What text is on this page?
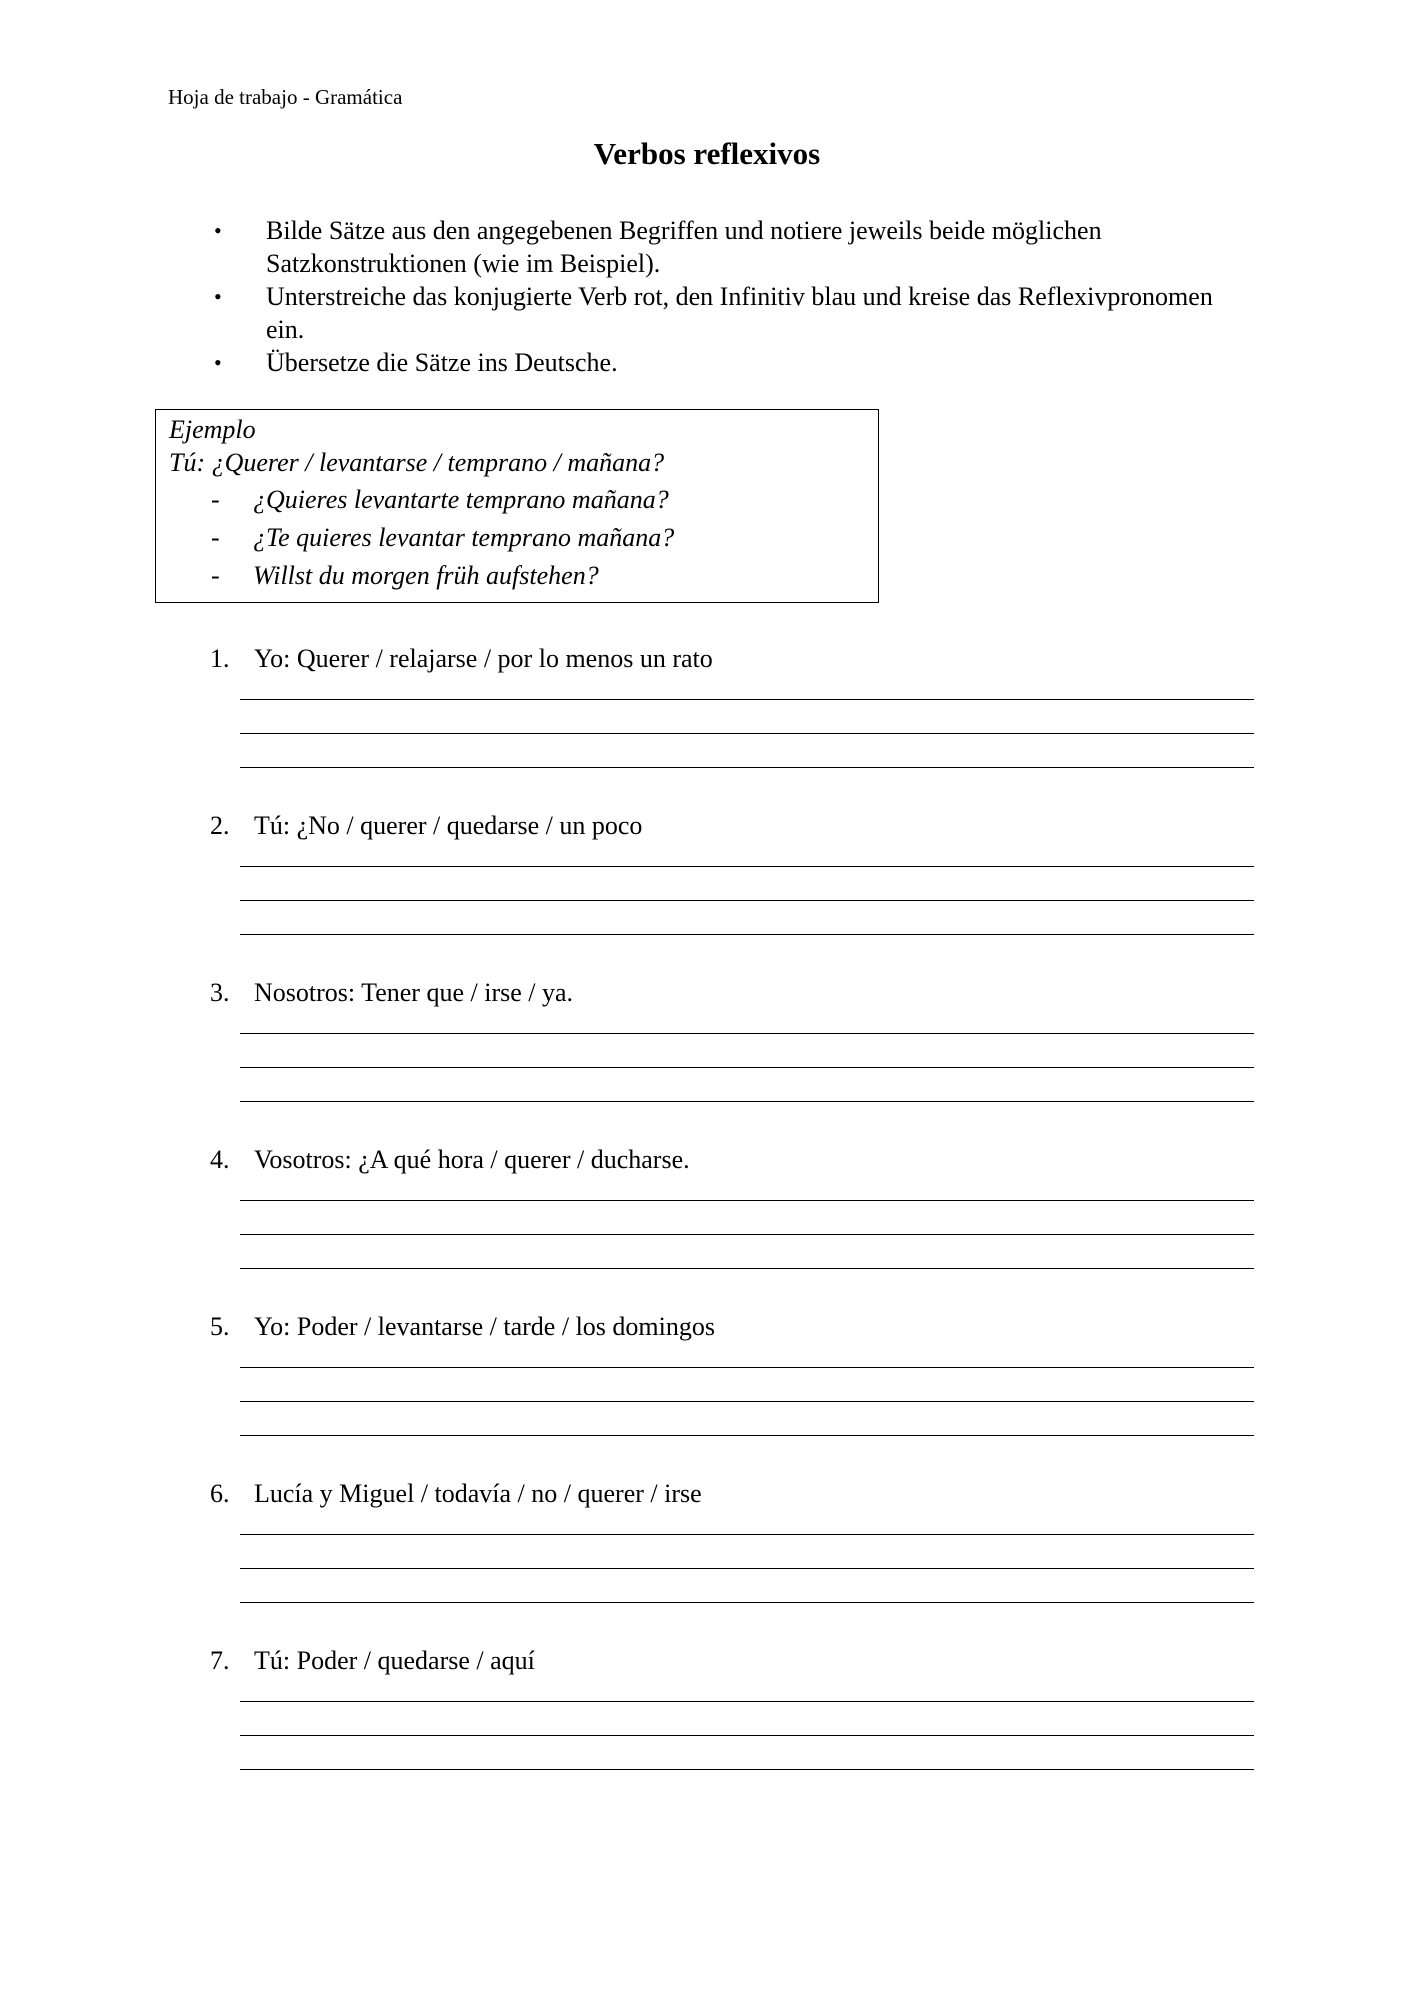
Hoja de trabajo - Gramática
Verbos reflexivos
• Bilde Sätze aus den angegebenen Begriffen und notiere jeweils beide möglichen Satzkonstruktionen (wie im Beispiel).
• Unterstreiche das konjugierte Verb rot, den Infinitiv blau und kreise das Reflexivpronomen ein.
• Übersetze die Sätze ins Deutsche.
Ejemplo
Tú: ¿Querer / levantarse / temprano / mañana?
- ¿Quieres levantarte temprano mañana?
- ¿Te quieres levantar temprano mañana?
- Willst du morgen früh aufstehen?
1. Yo: Querer / relajarse / por lo menos un rato
2. Tú: ¿No / querer / quedarse / un poco
3. Nosotros: Tener que / irse / ya.
4. Vosotros: ¿A qué hora / querer / ducharse.
5. Yo: Poder / levantarse / tarde / los domingos
6. Lucía y Miguel / todavía / no / querer / irse
7. Tú: Poder / quedarse / aquí
